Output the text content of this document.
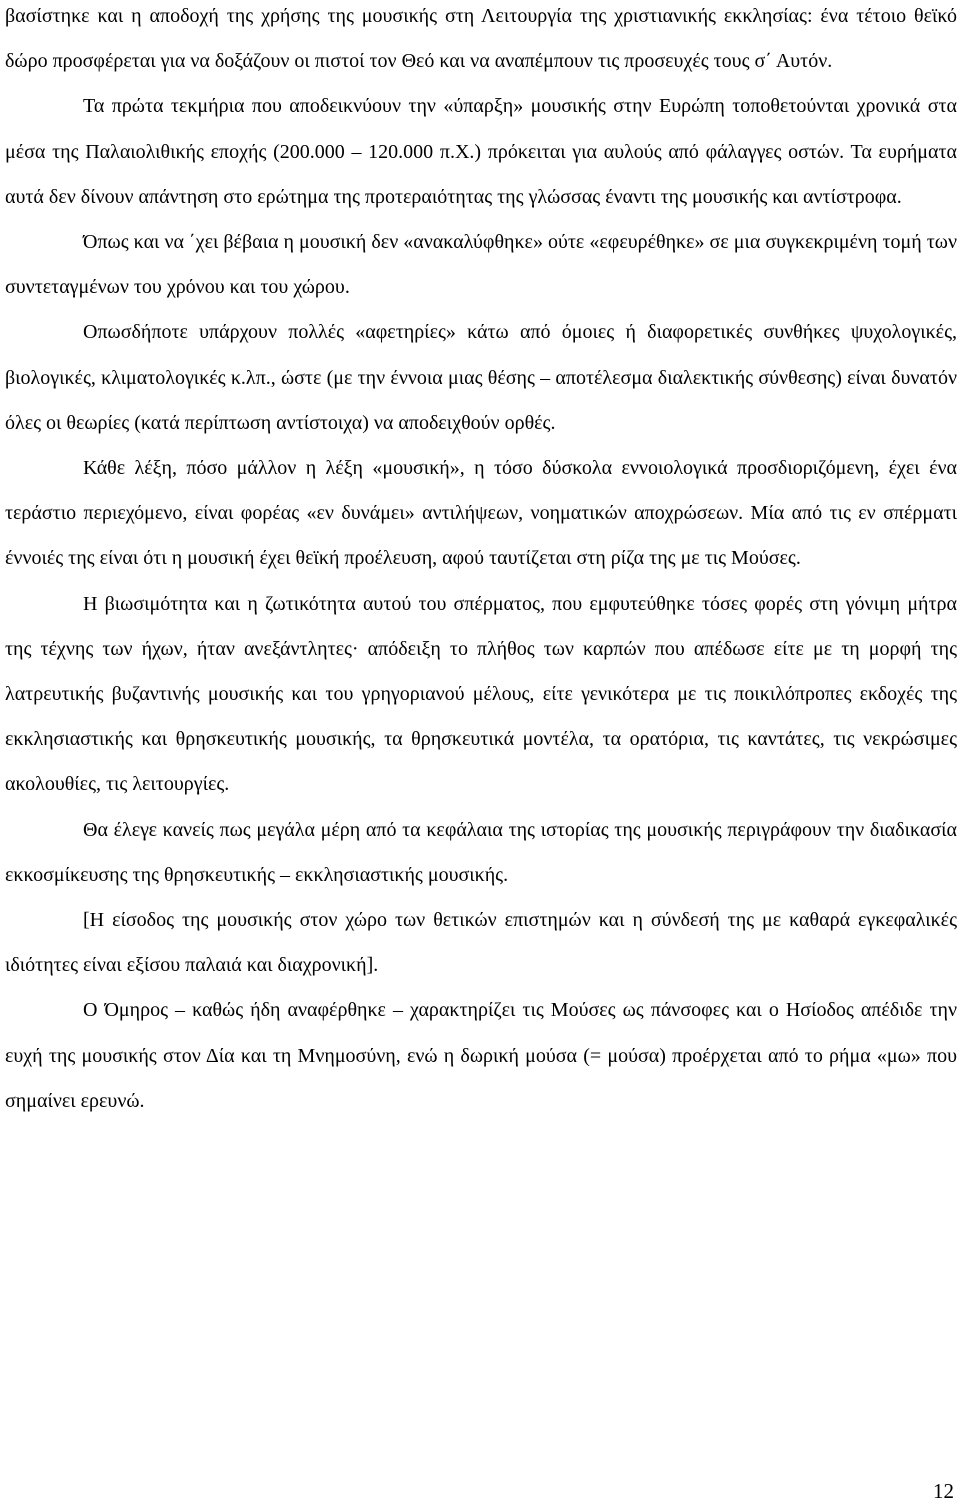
βασίστηκε και η αποδοχή της χρήσης της μουσικής στη Λειτουργία της χριστιανικής εκκλησίας: ένα τέτοιο θεϊκό δώρο προσφέρεται για να δοξάζουν οι πιστοί τον Θεό και να αναπέμπουν τις προσευχές τους σ΄ Αυτόν.

Τα πρώτα τεκμήρια που αποδεικνύουν την «ύπαρξη» μουσικής στην Ευρώπη τοποθετούνται χρονικά στα μέσα της Παλαιολιθικής εποχής (200.000 – 120.000 π.Χ.) πρόκειται για αυλούς από φάλαγγες οστών. Τα ευρήματα αυτά δεν δίνουν απάντηση στο ερώτημα της προτεραιότητας της γλώσσας έναντι της μουσικής και αντίστροφα.

Όπως και να ΄χει βέβαια η μουσική δεν «ανακαλύφθηκε» ούτε «εφευρέθηκε» σε μια συγκεκριμένη τομή των συντεταγμένων του χρόνου και του χώρου.

Οπωσδήποτε υπάρχουν πολλές «αφετηρίες» κάτω από όμοιες ή διαφορετικές συνθήκες ψυχολογικές, βιολογικές, κλιματολογικές κ.λπ., ώστε (με την έννοια μιας θέσης – αποτέλεσμα διαλεκτικής σύνθεσης) είναι δυνατόν όλες οι θεωρίες (κατά περίπτωση αντίστοιχα) να αποδειχθούν ορθές.

Κάθε λέξη, πόσο μάλλον η λέξη «μουσική», η τόσο δύσκολα εννοιολογικά προσδιοριζόμενη, έχει ένα τεράστιο περιεχόμενο, είναι φορέας «εν δυνάμει» αντιλήψεων, νοηματικών αποχρώσεων. Μία από τις εν σπέρματι έννοιές της είναι ότι η μουσική έχει θεϊκή προέλευση, αφού ταυτίζεται στη ρίζα της με τις Μούσες.

Η βιωσιμότητα και η ζωτικότητα αυτού του σπέρματος, που εμφυτεύθηκε τόσες φορές στη γόνιμη μήτρα της τέχνης των ήχων, ήταν ανεξάντλητες· απόδειξη το πλήθος των καρπών που απέδωσε είτε με τη μορφή της λατρευτικής βυζαντινής μουσικής και του γρηγοριανού μέλους, είτε γενικότερα με τις ποικιλόπροπες εκδοχές της εκκλησιαστικής και θρησκευτικής μουσικής, τα θρησκευτικά μοντέλα, τα ορατόρια, τις καντάτες, τις νεκρώσιμες ακολουθίες, τις λειτουργίες.

Θα έλεγε κανείς πως μεγάλα μέρη από τα κεφάλαια της ιστορίας της μουσικής περιγράφουν την διαδικασία εκκοσμίκευσης της θρησκευτικής – εκκλησιαστικής μουσικής.

[Η είσοδος της μουσικής στον χώρο των θετικών επιστημών και η σύνδεσή της με καθαρά εγκεφαλικές ιδιότητες είναι εξίσου παλαιά και διαχρονική].

Ο Όμηρος – καθώς ήδη αναφέρθηκε – χαρακτηρίζει τις Μούσες ως πάνσοφες και ο Ησίοδος απέδιδε την ευχή της μουσικής στον Δία και τη Μνημοσύνη, ενώ η δωρική μούσα (= μούσα) προέρχεται από το ρήμα «μω» που σημαίνει ερευνώ.

12
